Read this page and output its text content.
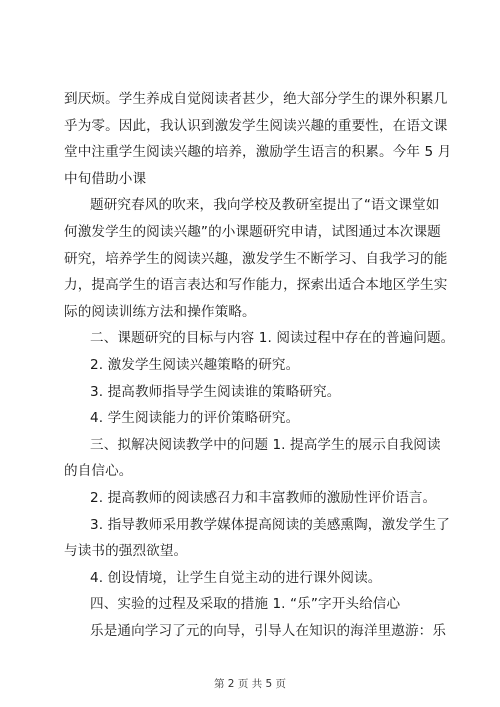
到厌烦。学生养成自觉阅读者甚少，绝大部分学生的课外积累几
乎为零。因此，我认识到激发学生阅读兴趣的重要性，在语文课
堂中注重学生阅读兴趣的培养，激励学生语言的积累。今年 5 月
中旬借助小课
题研究春风的吹来，我向学校及教研室提出了“语文课堂如
何激发学生的阅读兴趣”的小课题研究申请，试图通过本次课题
研究，培养学生的阅读兴趣，激发学生不断学习、自我学习的能
力，提高学生的语言表达和写作能力，探索出适合本地区学生实
际的阅读训练方法和操作策略。
二、课题研究的目标与内容 1. 阅读过程中存在的普遍问题。
2. 激发学生阅读兴趣策略的研究。
3. 提高教师指导学生阅读谁的策略研究。
4. 学生阅读能力的评价策略研究。
三、拟解决阅读教学中的问题 1. 提高学生的展示自我阅读
的自信心。
2. 提高教师的阅读感召力和丰富教师的激励性评价语言。
3. 指导教师采用教学媒体提高阅读的美感熏陶，激发学生了
与读书的强烈欲望。
4. 创设情境，让学生自觉主动的进行课外阅读。
四、实验的过程及采取的措施 1. “乐”字开头给信心
乐是通向学习了元的向导，引导人在知识的海洋里遨游：乐
第 2 页 共 5 页
